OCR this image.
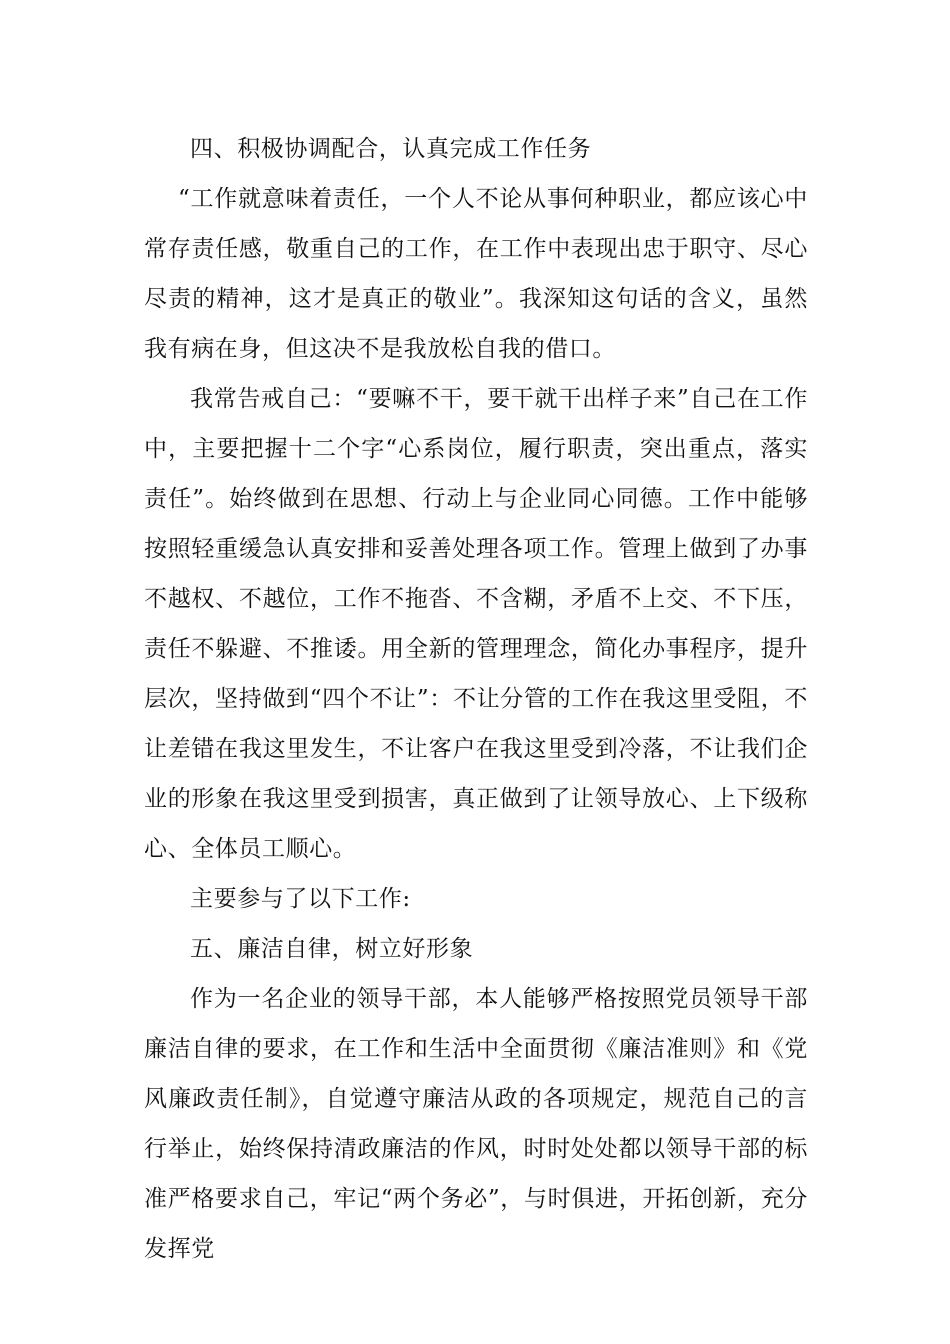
四、积极协调配合，认真完成工作任务

“工作就意味着责任，一个人不论从事何种职业，都应该心中常存责任感，敬重自己的工作，在工作中表现出忠于职守、尽心尽责的精神，这才是真正的敬业”。我深知这句话的含义，虽然我有病在身，但这决不是我放松自我的借口。

我常告戒自己：“要嘛不干，要干就干出样子来”自己在工作中，主要把握十二个字“心系岗位，履行职责，突出重点，落实责任”。始终做到在思想、行动上与企业同心同德。工作中能够按照轻重缓急认真安排和妥善处理各项工作。管理上做到了办事不越权、不越位，工作不拖沓、不含糊，矛盾不上交、不下压，责任不躲避、不推诿。用全新的管理理念，简化办事程序，提升层次，坚持做到“四个不让”：不让分管的工作在我这里受阻，不让差错在我这里发生，不让客户在我这里受到冷落，不让我们企业的形象在我这里受到损害，真正做到了让领导放心、上下级称心、全体员工顺心。

主要参与了以下工作:

五、廉洁自律，树立好形象

作为一名企业的领导干部，本人能够严格按照党员领导干部廉洁自律的要求，在工作和生活中全面贯彻《廉洁准则》和《党风廉政责任制》，自觉遵守廉洁从政的各项规定，规范自己的言行举止，始终保持清政廉洁的作风，时时处处都以领导干部的标准严格要求自己，牢记“两个务必”，与时俱进，开拓创新，充分发挥党
